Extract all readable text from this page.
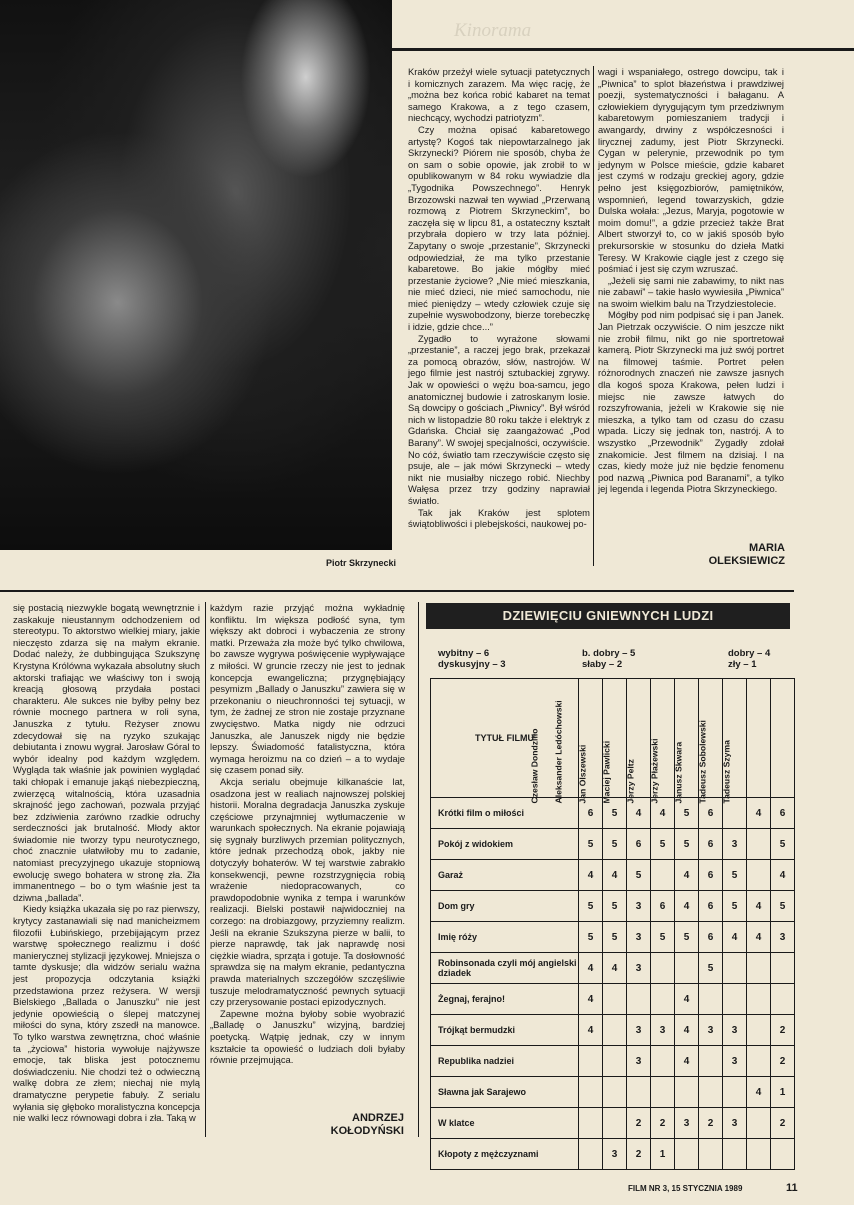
Piotr Skrzynecki
Kinorama

Kraków przeżył wiele sytuacji patetycznych i komicznych zarazem. Ma więc rację, że „można bez końca robić kabaret na temat samego Krakowa, a z tego czasem, niechcący, wychodzi patriotyzm”.

Czy można opisać kabaretowego artystę? Kogoś tak niepowtarzalnego jak Skrzynecki? Piórem nie sposób, chyba że on sam o sobie opowie, jak zrobił to w opublikowanym w 84 roku wywiadzie dla „Tygodnika Powszechnego”. Henryk Brzozowski nazwał ten wywiad „Przerwaną rozmową z Piotrem Skrzyneckim”, bo zaczęła się w lipcu 81, a ostateczny kształt przybrała dopiero w trzy lata później. Zapytany o swoje „przestanie”, Skrzynecki odpowiedział, że ma tylko przestanie kabaretowe. Bo jakie mógłby mieć przestanie życiowe? „Nie mieć mieszkania, nie mieć dzieci, nie mieć samochodu, nie mieć pieniędzy – wtedy człowiek czuje się zupełnie wyswobodzony, bierze torebeczkę i idzie, gdzie chce...”

Zygadło to wyrażone słowami „przestanie”, a raczej jego brak, przekazał za pomocą obrazów, słów, nastrojów. W jego filmie jest nastrój sztubackiej zgrywy. Jak w opowieści o wężu boa-samcu, jego anatomicznej budowie i zatroskanym losie. Są dowcipy o gościach „Piwnicy”. Był wśród nich w listopadzie 80 roku także i elektryk z Gdańska. Chciał się zaangażować „Pod Barany”. W swojej specjalności, oczywiście. No cóż, światło tam rzeczywiście często się psuje, ale – jak mówi Skrzynecki – wtedy nikt nie musiałby niczego robić. Niechby Wałęsa przez trzy godziny naprawiał światło.

Tak jak Kraków jest splotem świątobliwości i plebejskości, naukowej po-

wagi i wspaniałego, ostrego dowcipu, tak i „Piwnica” to splot błazeństwa i prawdziwej poezji, systematyczności i bałaganu. A człowiekiem dyrygującym tym przedziwnym kabaretowym pomieszaniem tradycji i awangardy, drwiny z współczesności i lirycznej zadumy, jest Piotr Skrzynecki. Cygan w pelerynie, przewodnik po tym jedynym w Polsce mieście, gdzie kabaret jest czymś w rodzaju greckiej agory, gdzie pełno jest księgozbiorów, pamiętników, wspomnień, legend towarzyskich, gdzie Dulska wołała: „Jezus, Maryja, pogotowie w moim domu!”, a gdzie przecież także Brat Albert stworzył to, co w jakiś sposób było prekursorskie w stosunku do dzieła Matki Teresy. W Krakowie ciągle jest z czego się pośmiać i jest się czym wzruszać.

„Jeżeli się sami nie zabawimy, to nikt nas nie zabawi” – takie hasło wywiesiła „Piwnica” na swoim wielkim balu na Trzydziestolecie.

Mógłby pod nim podpisać się i pan Janek. Jan Pietrzak oczywiście. O nim jeszcze nikt nie zrobił filmu, nikt go nie sportretował kamerą. Piotr Skrzynecki ma już swój portret na filmowej taśmie. Portret pełen różnorodnych znaczeń nie zawsze jasnych dla kogoś spoza Krakowa, pełen ludzi i miejsc nie zawsze łatwych do rozszyfrowania, jeżeli w Krakowie się nie mieszka, a tylko tam od czasu do czasu wpada. Liczy się jednak ton, nastrój. A to wszystko „Przewodnik” Zygadły zdołał znakomicie. Jest filmem na dzisiaj. I na czas, kiedy może już nie będzie fenomenu pod nazwą „Piwnica pod Baranami”, a tylko jej legenda i legenda Piotra Skrzyneckiego.

MARIA
OLEKSIEWICZ

się postacią niezwykle bogatą wewnętrznie i zaskakuje nieustannym odchodzeniem od stereotypu. To aktorstwo wielkiej miary, jakie nieczęsto zdarza się na małym ekranie. Dodać należy, że dubbingująca Szukszynę Krystyna Królówna wykazała absolutny słuch aktorski trafiając we właściwy ton i swoją kreacją głosową przydała postaci charakteru. Ale sukces nie byłby pełny bez równie mocnego partnera w roli syna, Januszka z tytułu. Reżyser znowu zdecydował się na ryzyko szukając debiutanta i znowu wygrał. Jarosław Góral to wybór idealny pod każdym względem. Wygląda tak właśnie jak powinien wyglądać taki chłopak i emanuje jakąś niebezpieczną, zwierzęcą witalnością, która uzasadnia skrajność jego zachowań, pozwala przyjąć bez zdziwienia zarówno rzadkie odruchy serdeczności jak brutalność. Młody aktor świadomie nie tworzy typu neurotycznego, choć znacznie ułatwiłoby mu to zadanie, natomiast precyzyjnego ukazuje stopniową ewolucję swego bohatera w stronę zła. Zła immanentnego – bo o tym właśnie jest ta dziwna „ballada”.

Kiedy książka ukazała się po raz pierwszy, krytycy zastanawiali się nad manicheizmem filozofii Łubińskiego, przebijającym przez warstwę społecznego realizmu i dość manierycznej stylizacji językowej. Mniejsza o tamte dyskusje; dla widzów serialu ważna jest propozycja odczytania książki przedstawiona przez reżysera. W wersji Bielskiego „Ballada o Januszku” nie jest jedynie opowieścią o ślepej matczynej miłości do syna, który zszedł na manowce. To tylko warstwa zewnętrzna, choć właśnie ta „życiowa” historia wywołuje najżywsze emocje, tak bliska jest potocznemu doświadczeniu. Nie chodzi też o odwieczną walkę dobra ze złem; niechaj nie mylą dramatyczne perypetie fabuły. Z serialu wyłania się głęboko moralistyczna koncepcja nie walki lecz równowagi dobra i zła. Taką w

każdym razie przyjąć można wykładnię konfliktu. Im większa podłość syna, tym większy akt dobroci i wybaczenia ze strony matki. Przeważa zła może być tylko chwilowa, bo zawsze wygrywa poświęcenie wypływające z miłości. W gruncie rzeczy nie jest to jednak koncepcja ewangeliczna; przygnębiający pesymizm „Ballady o Januszku” zawiera się w przekonaniu o nieuchronności tej sytuacji, w tym, że żadnej ze stron nie zostaje przyznane zwycięstwo. Matka nigdy nie odrzuci Januszka, ale Januszek nigdy nie będzie lepszy. Świadomość fatalistyczna, która wymaga heroizmu na co dzień – a to wydaje się czasem ponad siły.

Akcja serialu obejmuje kilkanaście lat, osadzona jest w realiach najnowszej polskiej historii. Moralna degradacja Januszka zyskuje częściowe przynajmniej wytłumaczenie w warunkach społecznych. Na ekranie pojawiają się sygnały burzliwych przemian politycznych, które jednak przechodzą obok, jakby nie dotyczyły bohaterów. W tej warstwie zabrakło konsekwencji, pewne rozstrzygnięcia robią wrażenie niedopracowanych, co prawdopodobnie wynika z tempa i warunków realizacji. Bielski postawił najwidoczniej na corzego: na drobiazgowy, przyziemny realizm. Jeśli na ekranie Szukszyna pierze w balii, to pierze naprawdę, tak jak naprawdę nosi ciężkie wiadra, sprząta i gotuje. Ta dosłowność sprawdza się na małym ekranie, pedantyczna prawda materialnych szczegółów szczęśliwie tuszuje melodramatyczność pewnych sytuacji czy przerysowanie postaci epizodycznych.

Zapewne można byłoby sobie wyobrazić „Balladę o Januszku” wizyjną, bardziej poetycką. Wątpię jednak, czy w innym kształcie ta opowieść o ludziach doli byłaby równie przejmująca.

ANDRZEJ
KOŁODYŃSKI
DZIEWIĘCIU GNIEWNYCH LUDZI
wybitny – 6
dyskusyjny – 3
b. dobry – 5
słaby – 2
dobry – 4
zły – 1
TYTUŁ FILMU	Czesław Dondziłło	Aleksander Ledóchowski	Jan Olszewski	Maciej Pawlicki	Jerzy Peltz	Jerzy Płażewski	Janusz Skwara	Tadeusz Sobolewski	Tadeusz Szyma

Krótki film o miłości	6	5	4	4	5	6		4	6
Pokój z widokiem	5	5	6	5	5	6	3		5
Garaż	4	4	5		4	6	5		4
Dom gry	5	5	3	6	4	6	5	4	5
Imię róży	5	5	3	5	5	6	4	4	3
Robinsonada czyli mój angielski dziadek	4	4	3			5			
Żegnaj, ferajno!	4				4				
Trójkąt bermudzki	4		3	3	4	3	3		2
Republika nadziei			3		4		3		2
Sławna jak Sarajewo								4	1
W klatce			2	2	3	2	3		2
Kłopoty z mężczyznami		3	2	1					
FILM NR 3, 15 STYCZNIA 1989	11
